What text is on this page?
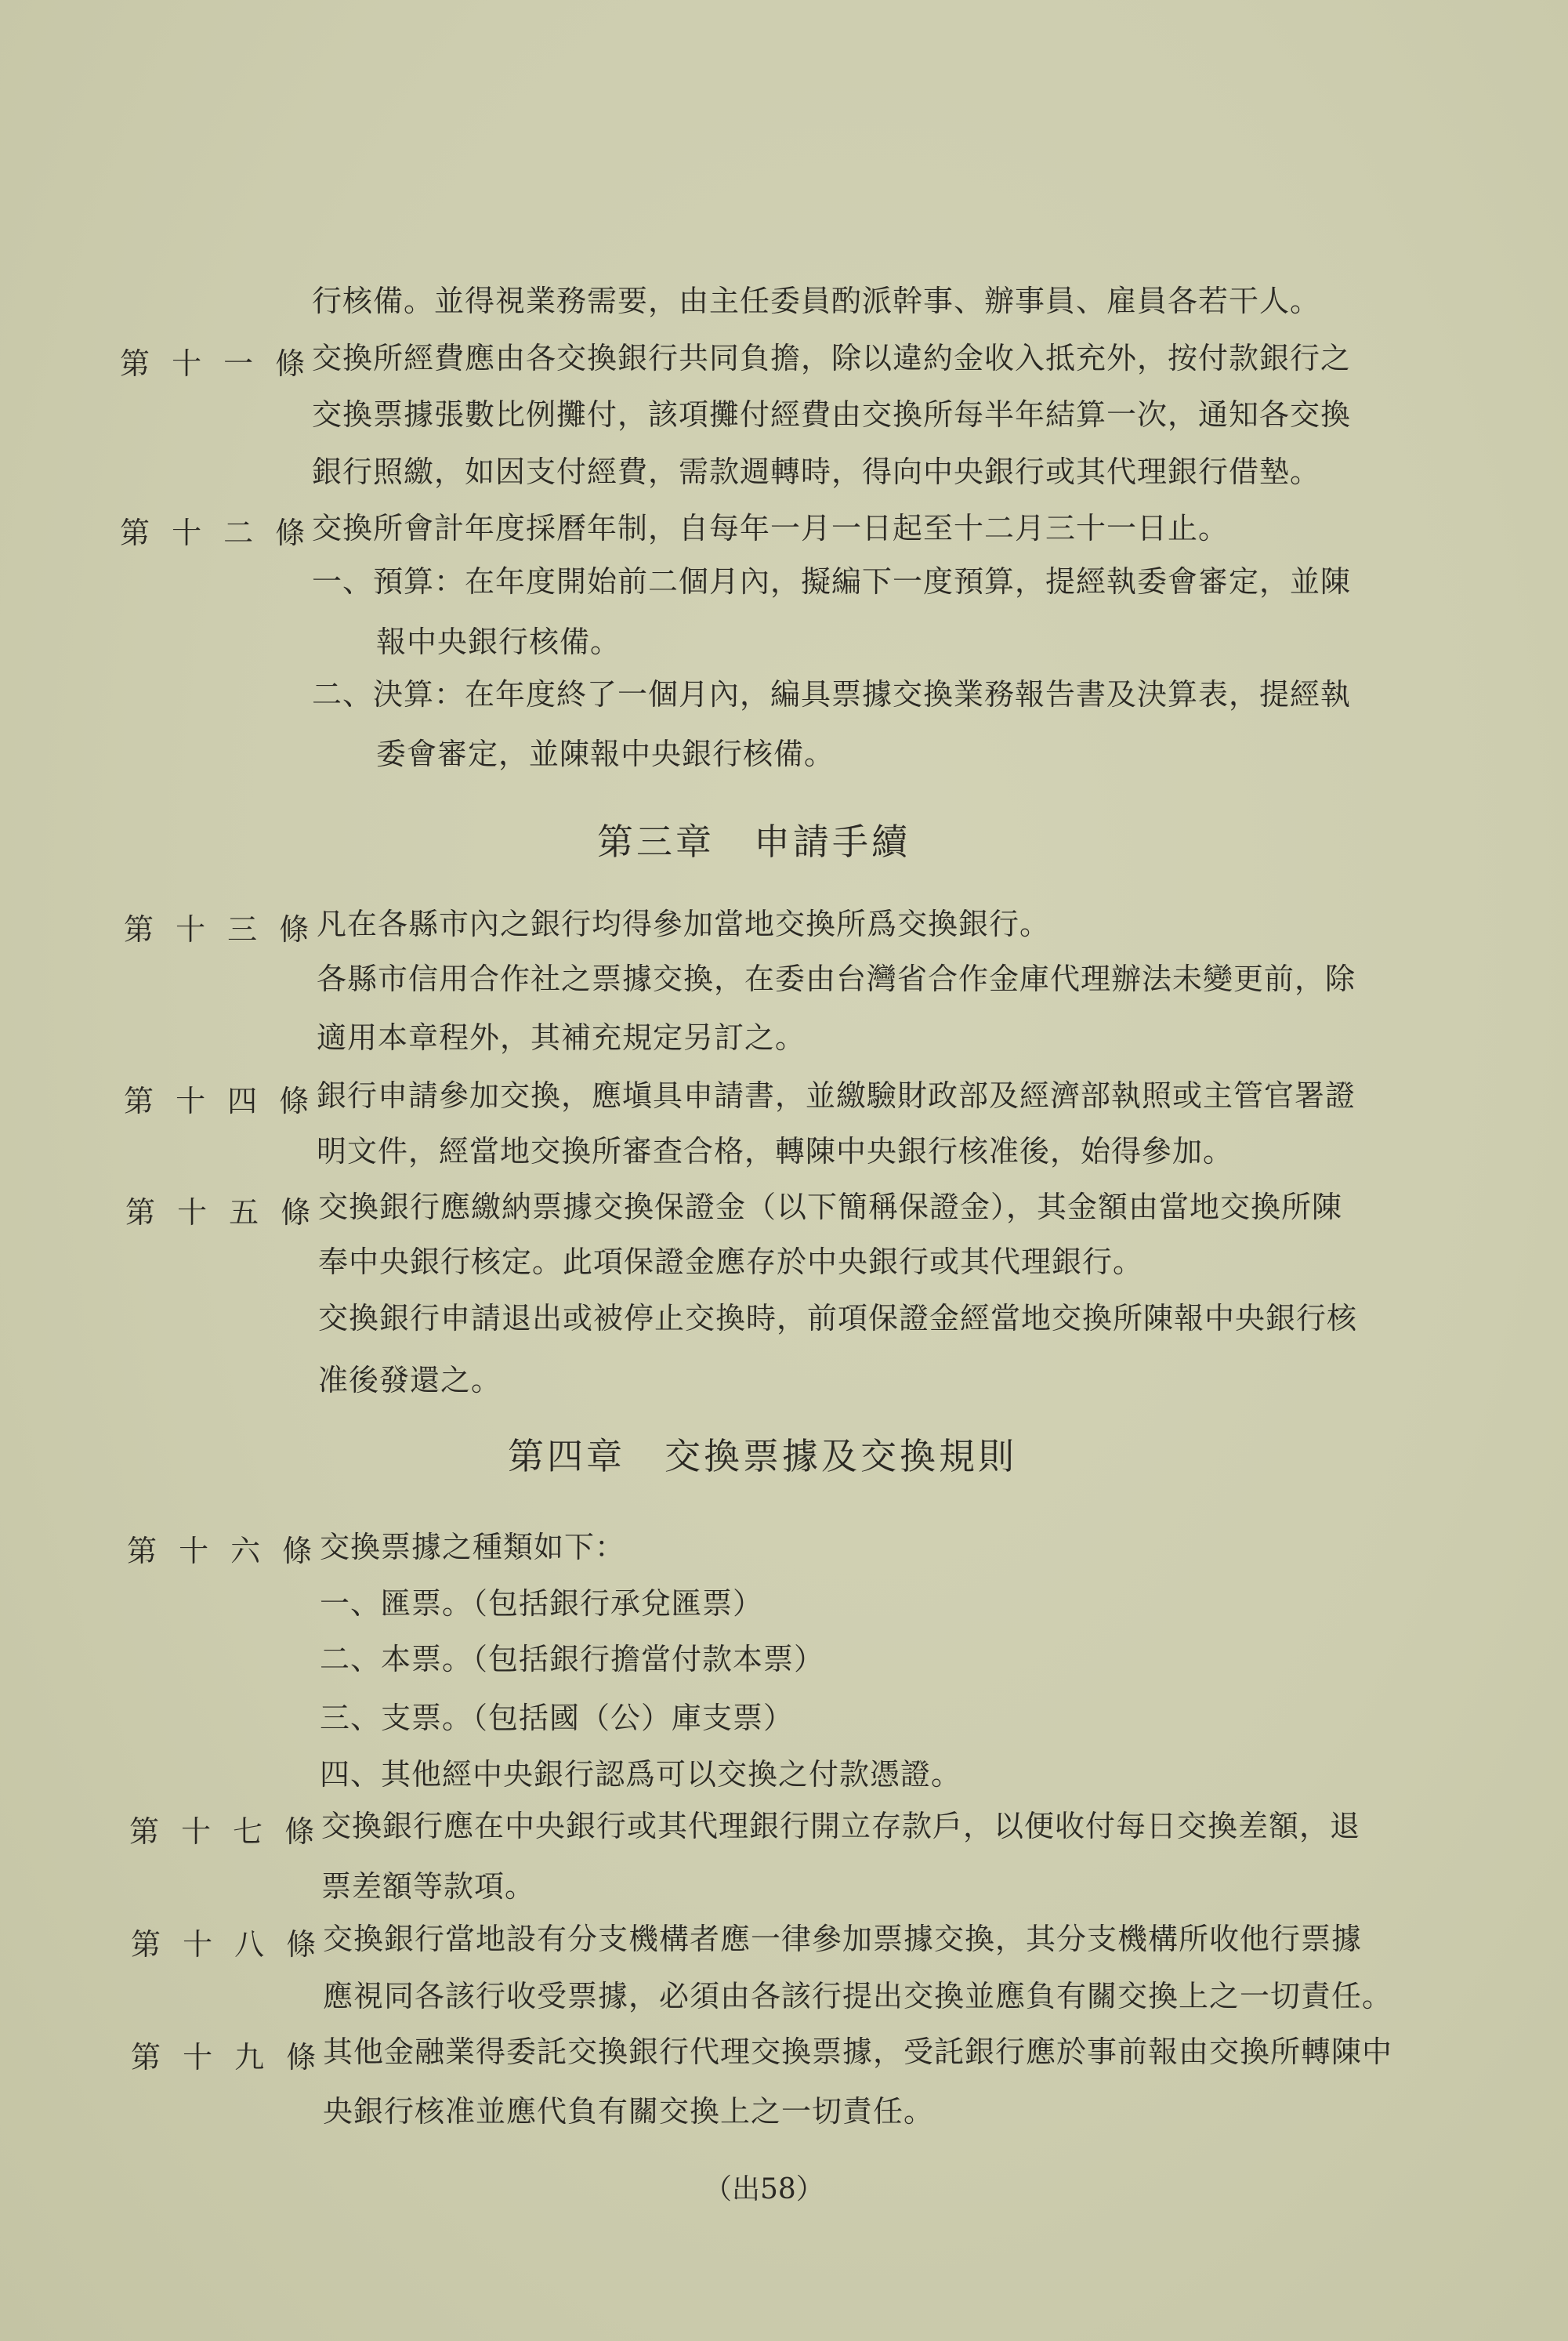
行核備。並得視業務需要，由主任委員酌派幹事、辦事員、雇員各若干人。
第 十 一 條 交換所經費應由各交換銀行共同負擔，除以違約金收入抵充外，按付款銀行之
交換票據張數比例攤付，該項攤付經費由交換所每半年結算一次，通知各交換
銀行照繳，如因支付經費，需款週轉時，得向中央銀行或其代理銀行借墊。
第 十 二 條 交換所會計年度採曆年制，自每年一月一日起至十二月三十一日止。
一、預算：在年度開始前二個月內，擬編下一度預算，提經執委會審定，並陳
報中央銀行核備。
二、決算：在年度終了一個月內，編具票據交換業務報告書及決算表，提經執
委會審定，並陳報中央銀行核備。
第三章　申請手續
第 十 三 條 凡在各縣市內之銀行均得參加當地交換所爲交換銀行。
各縣市信用合作社之票據交換，在委由台灣省合作金庫代理辦法未變更前，除
適用本章程外，其補充規定另訂之。
第 十 四 條 銀行申請參加交換，應塡具申請書，並繳驗財政部及經濟部執照或主管官署證
明文件，經當地交換所審查合格，轉陳中央銀行核准後，始得參加。
第 十 五 條 交換銀行應繳納票據交換保證金（以下簡稱保證金），其金額由當地交換所陳
奉中央銀行核定。此項保證金應存於中央銀行或其代理銀行。
交換銀行申請退出或被停止交換時，前項保證金經當地交換所陳報中央銀行核
准後發還之。
第四章　交換票據及交換規則
第 十 六 條 交換票據之種類如下：
一、匯票。（包括銀行承兌匯票）
二、本票。（包括銀行擔當付款本票）
三、支票。（包括國（公）庫支票）
四、其他經中央銀行認爲可以交換之付款憑證。
第 十 七 條 交換銀行應在中央銀行或其代理銀行開立存款戶，以便收付每日交換差額，退
票差額等款項。
第 十 八 條 交換銀行當地設有分支機構者應一律參加票據交換，其分支機構所收他行票據
應視同各該行收受票據，必須由各該行提出交換並應負有關交換上之一切責任。
第 十 九 條 其他金融業得委託交換銀行代理交換票據，受託銀行應於事前報由交換所轉陳中
央銀行核准並應代負有關交換上之一切責任。
（出58）
